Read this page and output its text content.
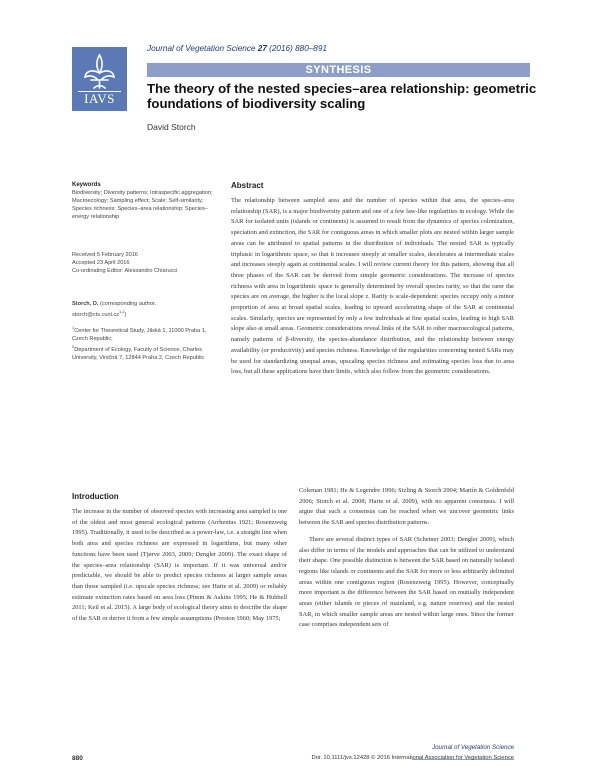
Journal of Vegetation Science 27 (2016) 880–891
IAVS
SYNTHESIS
The theory of the nested species–area relationship: geometric foundations of biodiversity scaling
David Storch
Keywords
Biodiversity; Diversity patterns; Intraspecific aggregation; Macroecology; Sampling effect; Scale; Self-similarity; Species richness; Species–area relationship; Species–energy relationship
Received 5 February 2016
Accepted 23 April 2016
Co-ordinating Editor: Alessandro Chiarucci
Storch, D. (corresponding author,
storch@cts.cuni.cz$^{1,2}$)
$^1$Center for Theoretical Study, Jilská 1, 11000 Praha 1, Czech Republic;
$^2$Department of Ecology, Faculty of Science, Charles University, Viničná 7, 12844 Praha 2, Czech Republic
Abstract
The relationship between sampled area and the number of species within that area, the species–area relationship (SAR), is a major biodiversity pattern and one of a few law-like regularities in ecology. While the SAR for isolated units (islands or continents) is assumed to result from the dynamics of species colonization, speciation and extinction, the SAR for contiguous areas in which smaller plots are nested within larger sample areas can be attributed to spatial patterns in the distribution of individuals. The nested SAR is typically triphasic in logarithmic space, so that it increases steeply at smaller scales, decelerates at intermediate scales and increases steeply again at continental scales. I will review current theory for this pattern, showing that all three phases of the SAR can be derived from simple geometric considerations. The increase of species richness with area in logarithmic space is generally determined by overall species rarity, so that the rarer the species are on average, the higher is the local slope z. Rarity is scale-dependent: species occupy only a minor proportion of area at broad spatial scales, leading to upward accelerating shape of the SAR at continental scales. Similarly, species are represented by only a few individuals at fine spatial scales, leading to high SAR slope also at small areas. Geometric considerations reveal links of the SAR to other macroecological patterns, namely patterns of β-diversity, the species-abundance distribution, and the relationship between energy availability (or productivity) and species richness. Knowledge of the regularities concerning nested SARs may be used for standardizing unequal areas, upscaling species richness and estimating species loss due to area loss, but all these applications have their limits, which also follow from the geometric considerations.
Introduction

The increase in the number of observed species with increasing area sampled is one of the oldest and most general ecological patterns (Arrhenius 1921; Rosenzweig 1995). Traditionally, it used to be described as a power-law, i.e. a straight line when both area and species richness are expressed in logarithms, but many other functions have been used (Tjørve 2003, 2009; Dengler 2009). The exact shape of the species–area relationship (SAR) is important. If it was universal and/or predictable, we should be able to predict species richness at larger sample areas than those sampled (i.e. upscale species richness; see Harte et al. 2009) or reliably estimate extinction rates based on area loss (Pimm & Askins 1995; He & Hubbell 2011; Keil et al. 2015). A large body of ecological theory aims to describe the shape of the SAR or derive it from a few simple assumptions (Preston 1960; May 1975;

Coleman 1981; He & Legendre 1996; Sizling & Storch 2004; Martín & Goldenfeld 2006; Storch et al. 2008; Harte et al. 2009), with no apparent consensus. I will argue that such a consensus can be reached when we uncover geometric links between the SAR and species distribution patterns.

There are several distinct types of SAR (Scheiner 2003; Dengler 2009), which also differ in terms of the models and approaches that can be utilized to understand their shape. One possible distinction is between the SAR based on naturally isolated regions like islands or continents and the SAR for more or less arbitrarily delimited areas within one contiguous region (Rosenzweig 1995). However, conceptually more important is the difference between the SAR based on mutually independent areas (either islands or pieces of mainland, e.g. nature reserves) and the nested SAR, in which smaller sample areas are nested within large ones. Since the former case comprises independent sets of

Journal of Vegetation Science
880	Doi: 10.1111/jvs.12428 © 2016 International Association for Vegetation Science
